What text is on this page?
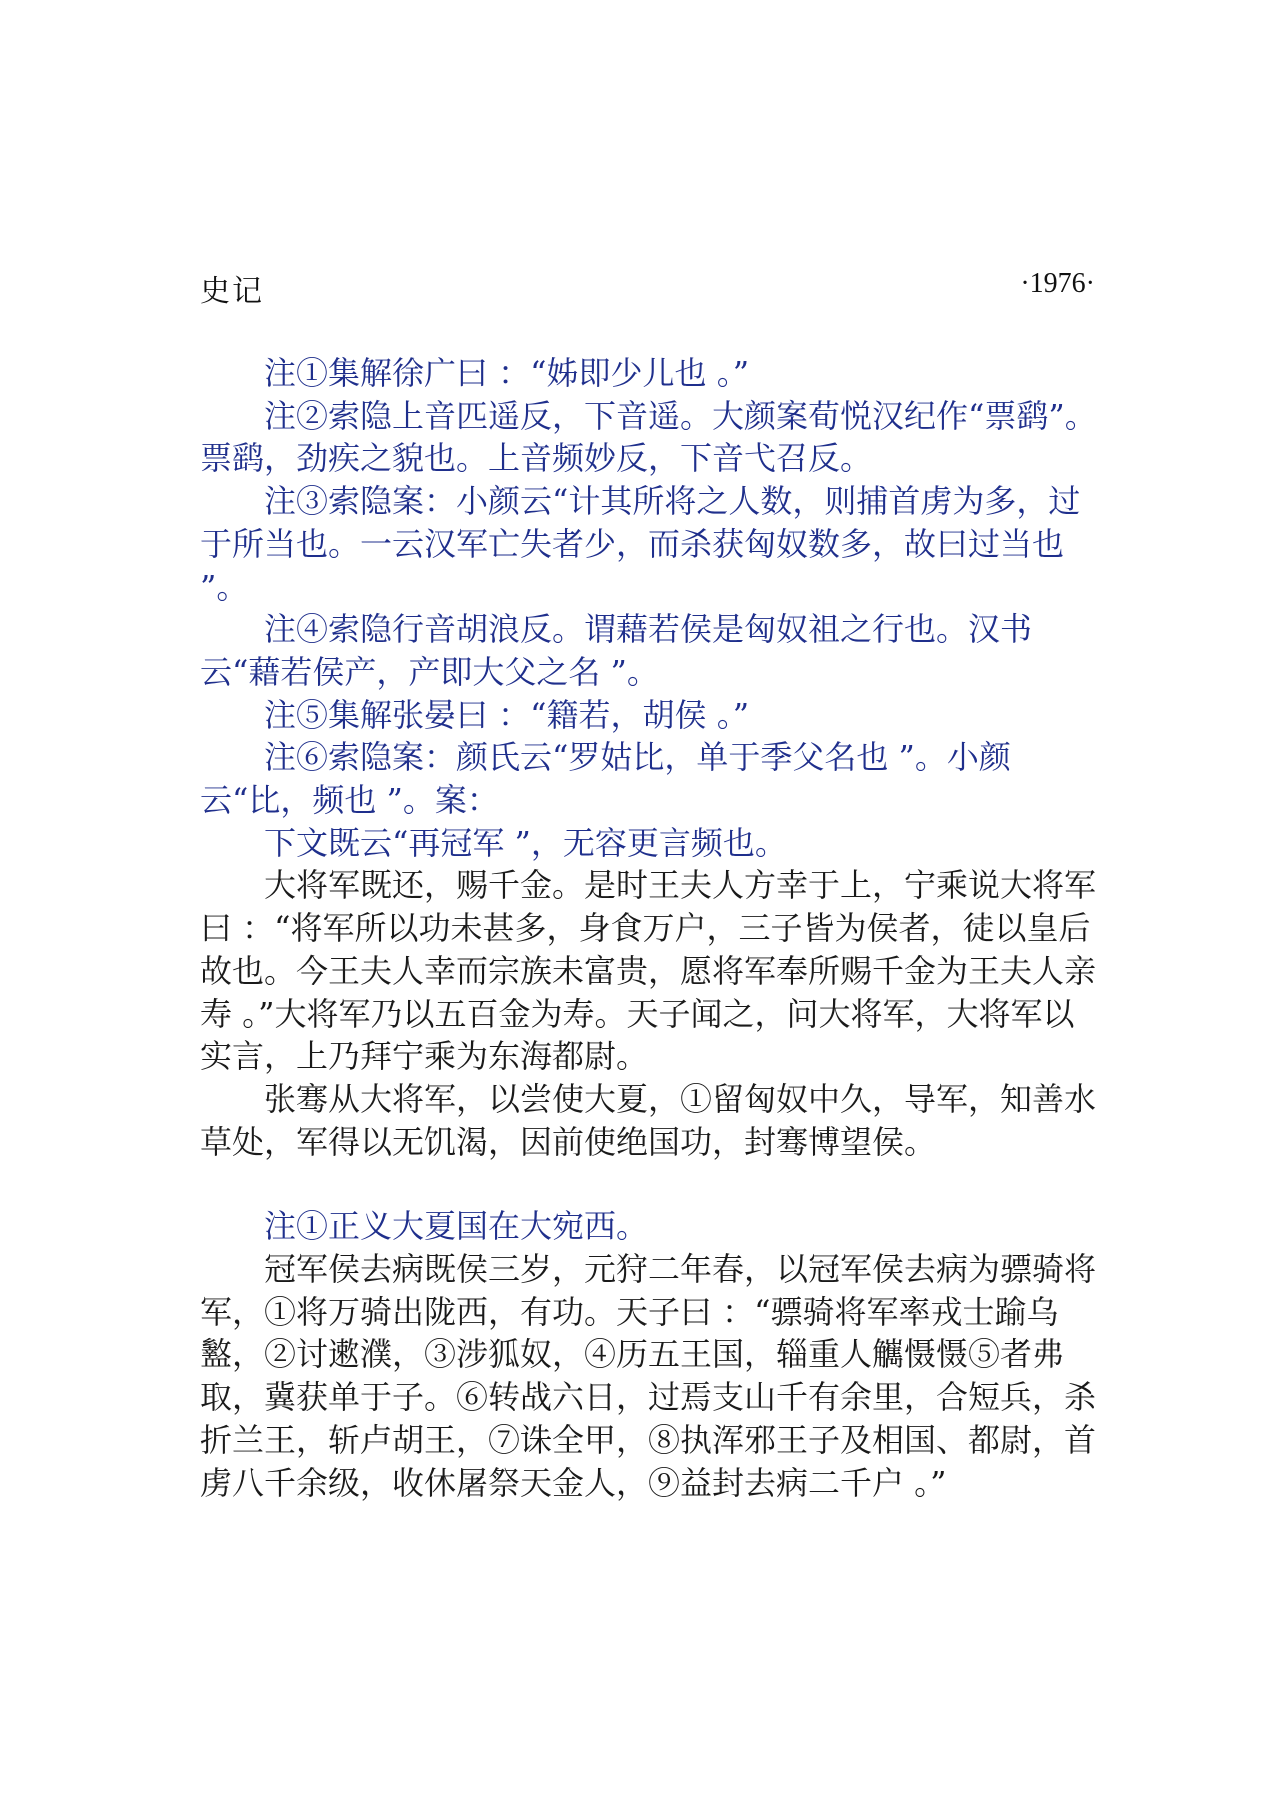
史记	·1976·

注①集解徐广曰 ：“姊即少儿也 。”

注②索隐上音匹遥反，下音遥。大颜案荀悦汉纪作“票鹞”。票鹞，劲疾之貌也。上音频妙反，下音弋召反。

注③索隐案：小颜云“计其所将之人数，则捕首虏为多，过于所当也。一云汉军亡失者少，而杀获匈奴数多，故曰过当也 ”。

注④索隐行音胡浪反。谓藉若侯是匈奴祖之行也。汉书云“藉若侯产，产即大父之名 ”。

注⑤集解张晏曰 ：“籍若，胡侯 。”

注⑥索隐案：颜氏云“罗姑比，单于季父名也 ”。小颜云“比，频也 ”。案：

下文既云“再冠军 ”，无容更言频也。

大将军既还，赐千金。是时王夫人方幸于上，宁乘说大将军曰 ：“将军所以功未甚多，身食万户，三子皆为侯者，徒以皇后故也。今王夫人幸而宗族未富贵，愿将军奉所赐千金为王夫人亲寿 。”大将军乃以五百金为寿。天子闻之，问大将军，大将军以实言，上乃拜宁乘为东海都尉。

张骞从大将军，以尝使大夏，①留匈奴中久，导军，知善水草处，军得以无饥渴，因前使绝国功，封骞博望侯。

注①正义大夏国在大宛西。

冠军侯去病既侯三岁，元狩二年春，以冠军侯去病为骠骑将军，①将万骑出陇西，有功。天子曰 ：“骠骑将军率戎士踰乌盭，②讨遬濮，③涉狐奴，④历五王国，辎重人觽慑慑⑤者弗取，冀获单于子。⑥转战六日，过焉支山千有余里，合短兵，杀折兰王，斩卢胡王，⑦诛全甲，⑧执浑邪王子及相国、都尉，首虏八千余级，收休屠祭天金人，⑨益封去病二千户 。”
